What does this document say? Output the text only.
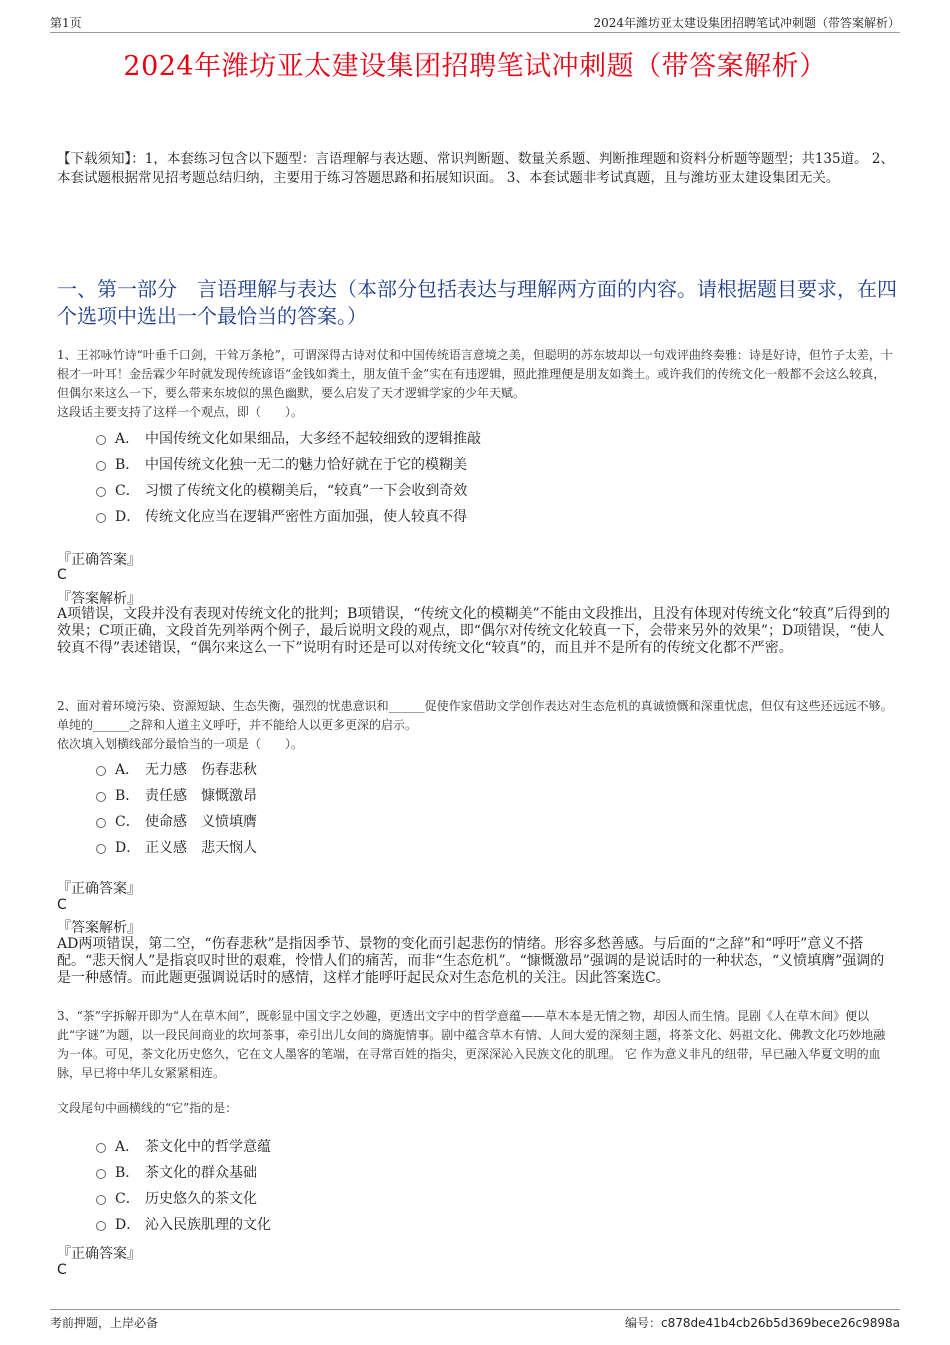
第1页	2024年潍坊亚太建设集团招聘笔试冲刺题（带答案解析）
2024年潍坊亚太建设集团招聘笔试冲刺题（带答案解析）
【下载须知】：1，本套练习包含以下题型：言语理解与表达题、常识判断题、数量关系题、判断推理题和资料分析题等题型；共135道。 2、本套试题根据常见招考题总结归纳，主要用于练习答题思路和拓展知识面。 3、本套试题非考试真题，且与潍坊亚太建设集团无关。
一、第一部分　言语理解与表达（本部分包括表达与理解两方面的内容。请根据题目要求，在四个选项中选出一个最恰当的答案。）
1、王祁咏竹诗“叶垂千口剑，干耸万条枪”，可谓深得古诗对仗和中国传统语言意境之美，但聪明的苏东坡却以一句戏评曲终奏雅：诗是好诗，但竹子太差，十根才一叶耳！金岳霖少年时就发现传统谚语“金钱如粪土，朋友值千金”实在有违逻辑，照此推理便是朋友如粪土。或许我们的传统文化一般都不会这么较真，但偶尔来这么一下，要么带来东坡似的黑色幽默，要么启发了天才逻辑学家的少年天赋。
这段话主要支持了这样一个观点，即（　　）。
A． 中国传统文化如果细品，大多经不起较细致的逻辑推敲
B． 中国传统文化独一无二的魅力恰好就在于它的模糊美
C． 习惯了传统文化的模糊美后，“较真”一下会收到奇效
D． 传统文化应当在逻辑严密性方面加强，使人较真不得
『正确答案』
C
『答案解析』
A项错误，文段并没有表现对传统文化的批判；B项错误，“传统文化的模糊美”不能由文段推出，且没有体现对传统文化“较真”后得到的效果；C项正确，文段首先列举两个例子，最后说明文段的观点，即“偶尔对传统文化较真一下，会带来另外的效果”；D项错误，“使人较真不得”表述错误，“偶尔来这么一下”说明有时还是可以对传统文化“较真”的，而且并不是所有的传统文化都不严密。
2、面对着环境污染、资源短缺、生态失衡，强烈的忧患意识和______促使作家借助文学创作表达对生态危机的真诚愤慨和深重忧虑，但仅有这些还远远不够。单纯的______之辞和人道主义呼吁，并不能给人以更多更深的启示。
依次填入划横线部分最恰当的一项是（　　）。
A． 无力感　伤春悲秋
B． 责任感　慷慨激昂
C． 使命感　义愤填膺
D． 正义感　悲天悯人
『正确答案』
C
『答案解析』
AD两项错误，第二空，“伤春悲秋”是指因季节、景物的变化而引起悲伤的情绪。形容多愁善感。与后面的“之辞”和“呼吁”意义不搭配。“悲天悯人”是指哀叹时世的艰难，怜惜人们的痛苦，而非“生态危机”。“慷慨激昂”强调的是说话时的一种状态，“义愤填膺”强调的是一种感情。而此题更强调说话时的感情，这样才能呼吁起民众对生态危机的关注。因此答案选C。
3、“茶”字拆解开即为“人在草木间”，既彰显中国文字之妙趣，更透出文字中的哲学意蕴——草木本是无情之物，却因人而生情。昆剧《人在草木间》便以此“字谜”为题，以一段民间商业的坎坷茶事，牵引出儿女间的旖旎情事。剧中蕴含草木有情、人间大爱的深刻主题，将茶文化、妈祖文化、佛教文化巧妙地融为一体。可见，茶文化历史悠久，它在文人墨客的笔端，在寻常百姓的指尖，更深深沁入民族文化的肌理。 它 作为意义非凡的纽带，早已融入华夏文明的血脉，早已将中华儿女紧紧相连。
文段尾句中画横线的“它”指的是：
A． 茶文化中的哲学意蕴
B． 茶文化的群众基础
C． 历史悠久的茶文化
D． 沁入民族肌理的文化
『正确答案』
C
考前押题，上岸必备	编号：c878de41b4cb26b5d369bece26c9898a
